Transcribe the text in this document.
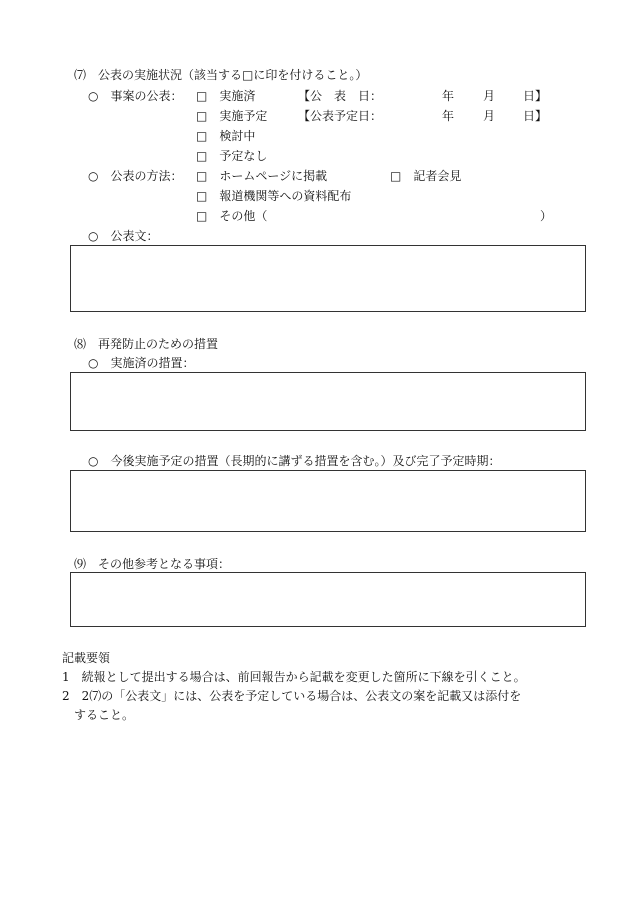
⑺　公表の実施状況（該当する□に印を付けること。）
○　事案の公表： □　実施済	【公　表　日：	年 月 日】
□　実施予定	【公表予定日：	年 月 日】
□　検討中
□　予定なし
○　公表の方法： □　ホームページに掲載	□　記者会見
□　報道機関等への資料配布
□　その他（	）
○　公表文：
⑻　再発防止のための措置
○　実施済の措置：
○　今後実施予定の措置（長期的に講ずる措置を含む。）及び完了予定時期：
⑼　その他参考となる事項：
記載要領
1　続報として提出する場合は、前回報告から記載を変更した箇所に下線を引くこと。
2　2⑺の「公表文」には、公表を予定している場合は、公表文の案を記載又は添付を
すること。
